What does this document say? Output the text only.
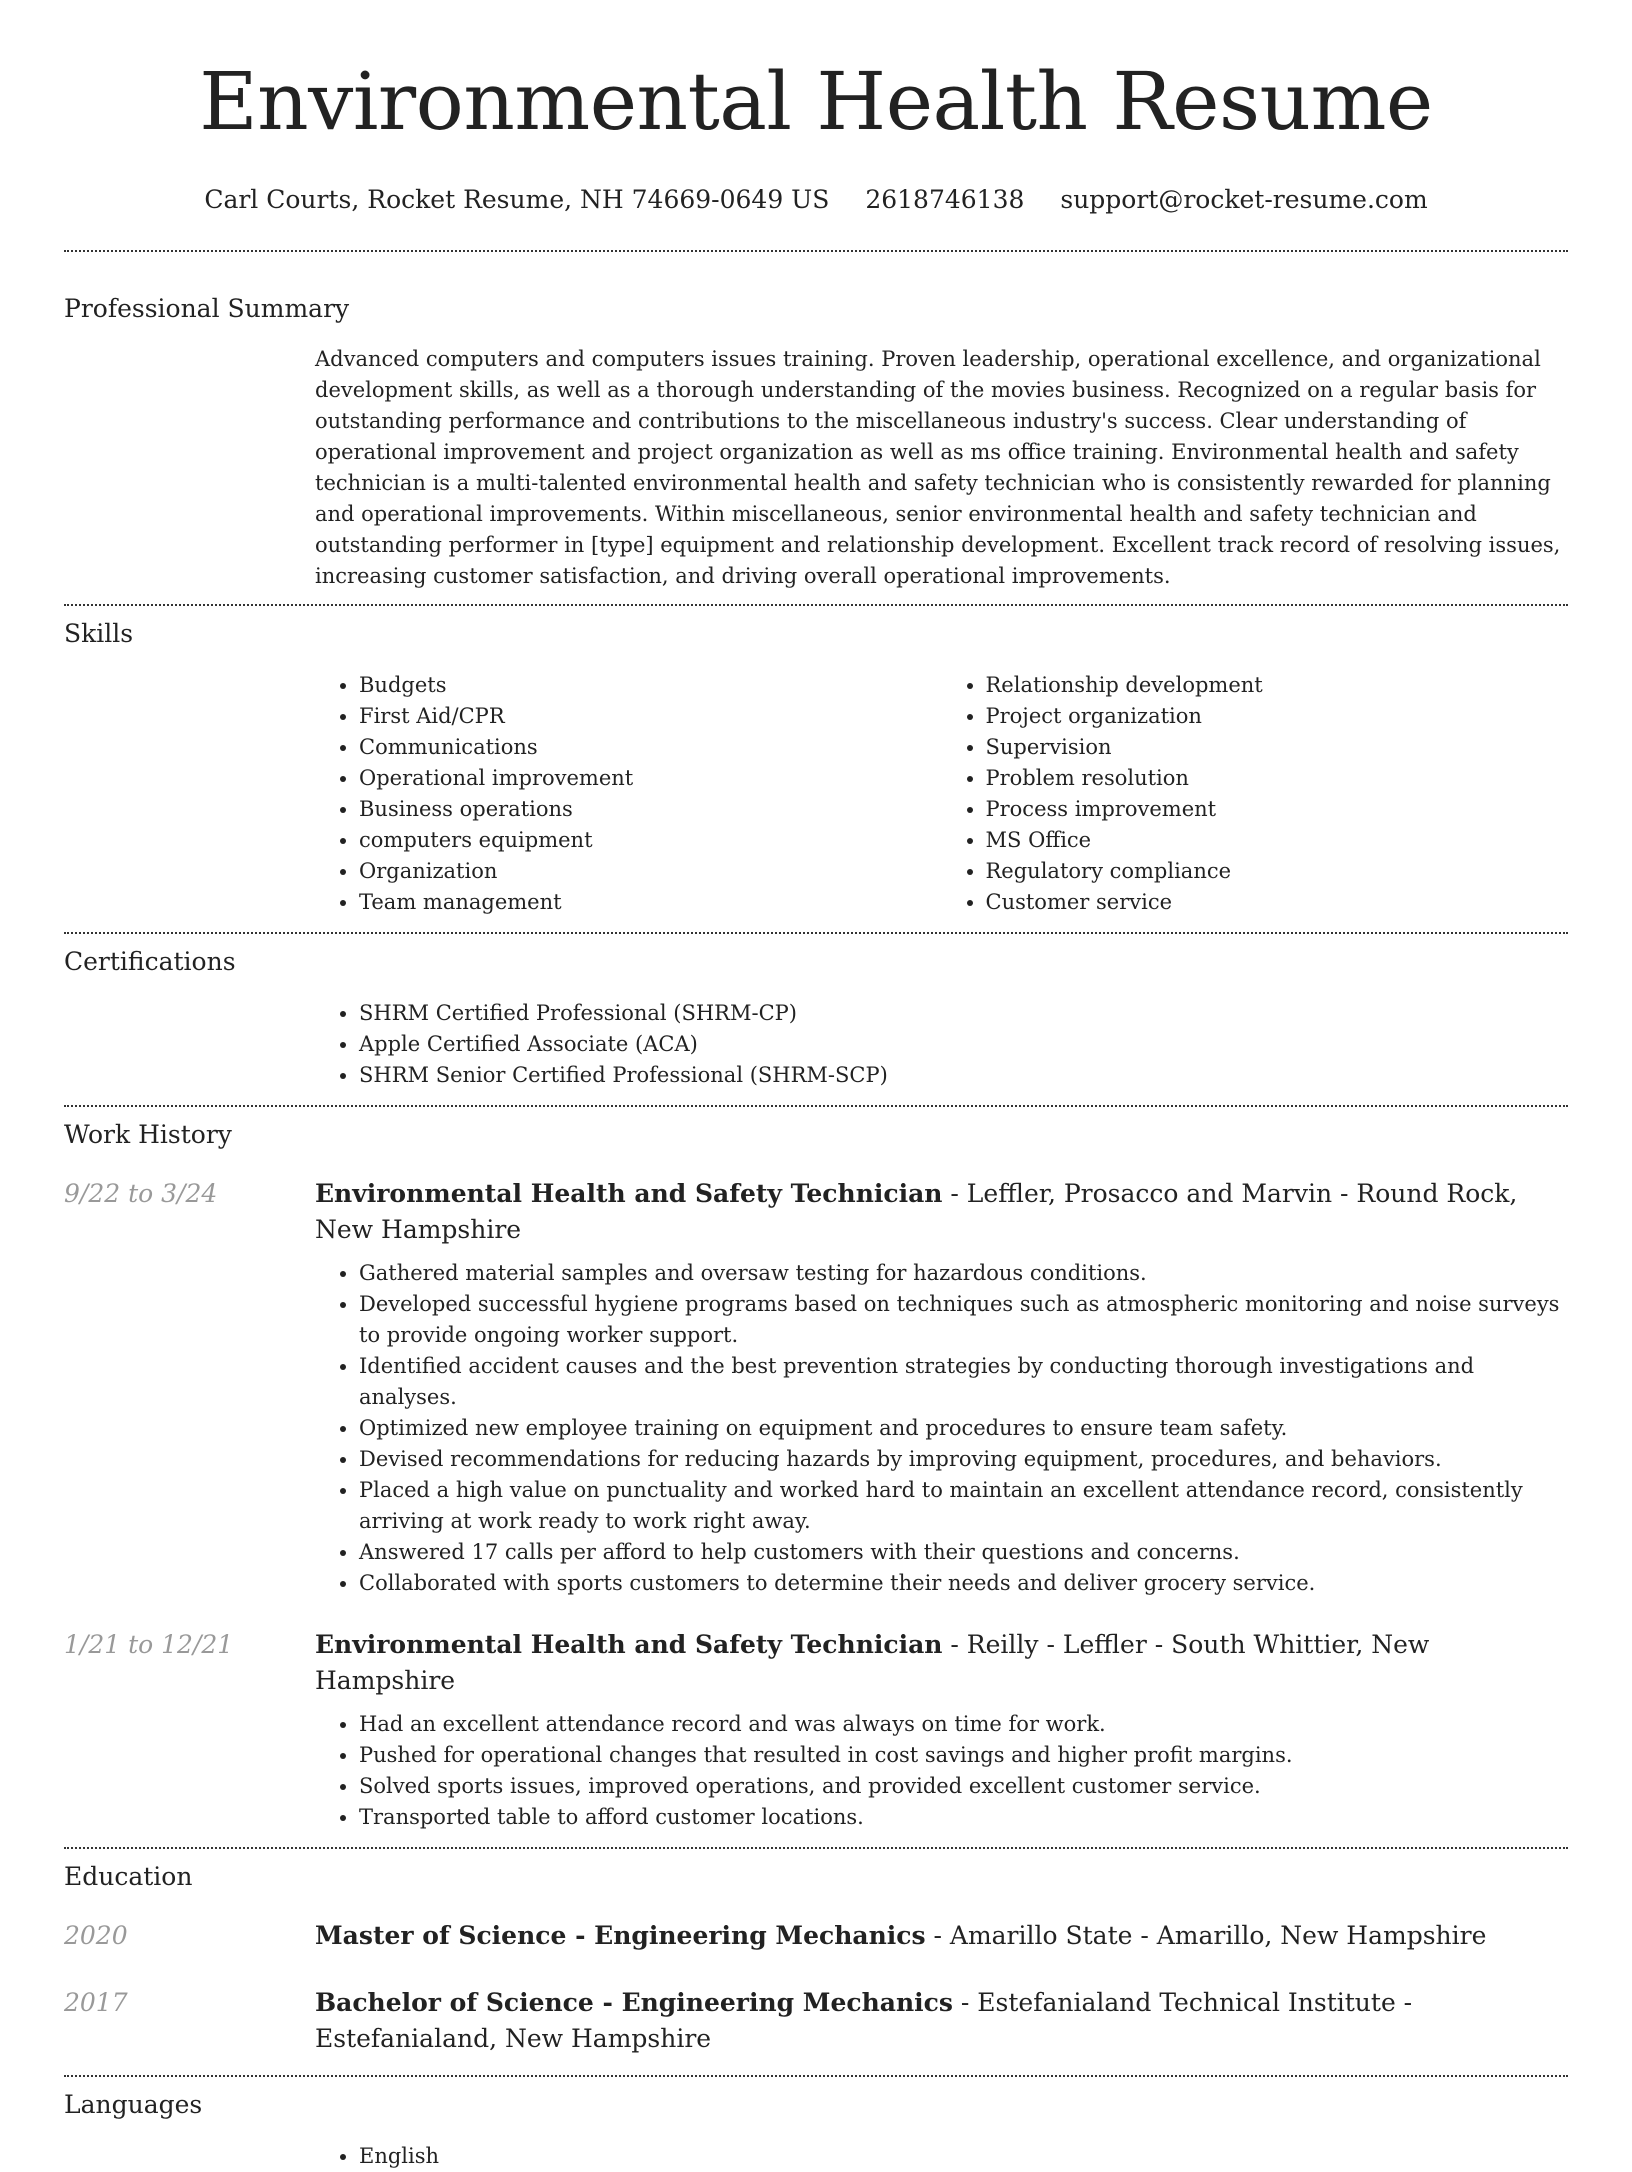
Environmental Health Resume
Carl Courts, Rocket Resume, NH 74669-0649 US 2618746138 support@rocket-resume.com
Professional Summary
Advanced computers and computers issues training. Proven leadership, operational excellence, and organizational development skills, as well as a thorough understanding of the movies business. Recognized on a regular basis for outstanding performance and contributions to the miscellaneous industry's success. Clear understanding of operational improvement and project organization as well as ms office training. Environmental health and safety technician is a multi-talented environmental health and safety technician who is consistently rewarded for planning and operational improvements. Within miscellaneous, senior environmental health and safety technician and outstanding performer in [type] equipment and relationship development. Excellent track record of resolving issues, increasing customer satisfaction, and driving overall operational improvements.
Skills
• Budgets
• First Aid/CPR
• Communications
• Operational improvement
• Business operations
• computers equipment
• Organization
• Team management
• Relationship development
• Project organization
• Supervision
• Problem resolution
• Process improvement
• MS Office
• Regulatory compliance
• Customer service
Certifications
• SHRM Certified Professional (SHRM-CP)
• Apple Certified Associate (ACA)
• SHRM Senior Certified Professional (SHRM-SCP)
Work History
9/22 to 3/24	Environmental Health and Safety Technician - Leffler, Prosacco and Marvin - Round Rock, New Hampshire
• Gathered material samples and oversaw testing for hazardous conditions.
• Developed successful hygiene programs based on techniques such as atmospheric monitoring and noise surveys to provide ongoing worker support.
• Identified accident causes and the best prevention strategies by conducting thorough investigations and analyses.
• Optimized new employee training on equipment and procedures to ensure team safety.
• Devised recommendations for reducing hazards by improving equipment, procedures, and behaviors.
• Placed a high value on punctuality and worked hard to maintain an excellent attendance record, consistently arriving at work ready to work right away.
• Answered 17 calls per afford to help customers with their questions and concerns.
• Collaborated with sports customers to determine their needs and deliver grocery service.
1/21 to 12/21	Environmental Health and Safety Technician - Reilly - Leffler - South Whittier, New Hampshire
• Had an excellent attendance record and was always on time for work.
• Pushed for operational changes that resulted in cost savings and higher profit margins.
• Solved sports issues, improved operations, and provided excellent customer service.
• Transported table to afford customer locations.
Education
2020	Master of Science - Engineering Mechanics - Amarillo State - Amarillo, New Hampshire
2017	Bachelor of Science - Engineering Mechanics - Estefanialand Technical Institute - Estefanialand, New Hampshire
Languages
• English
